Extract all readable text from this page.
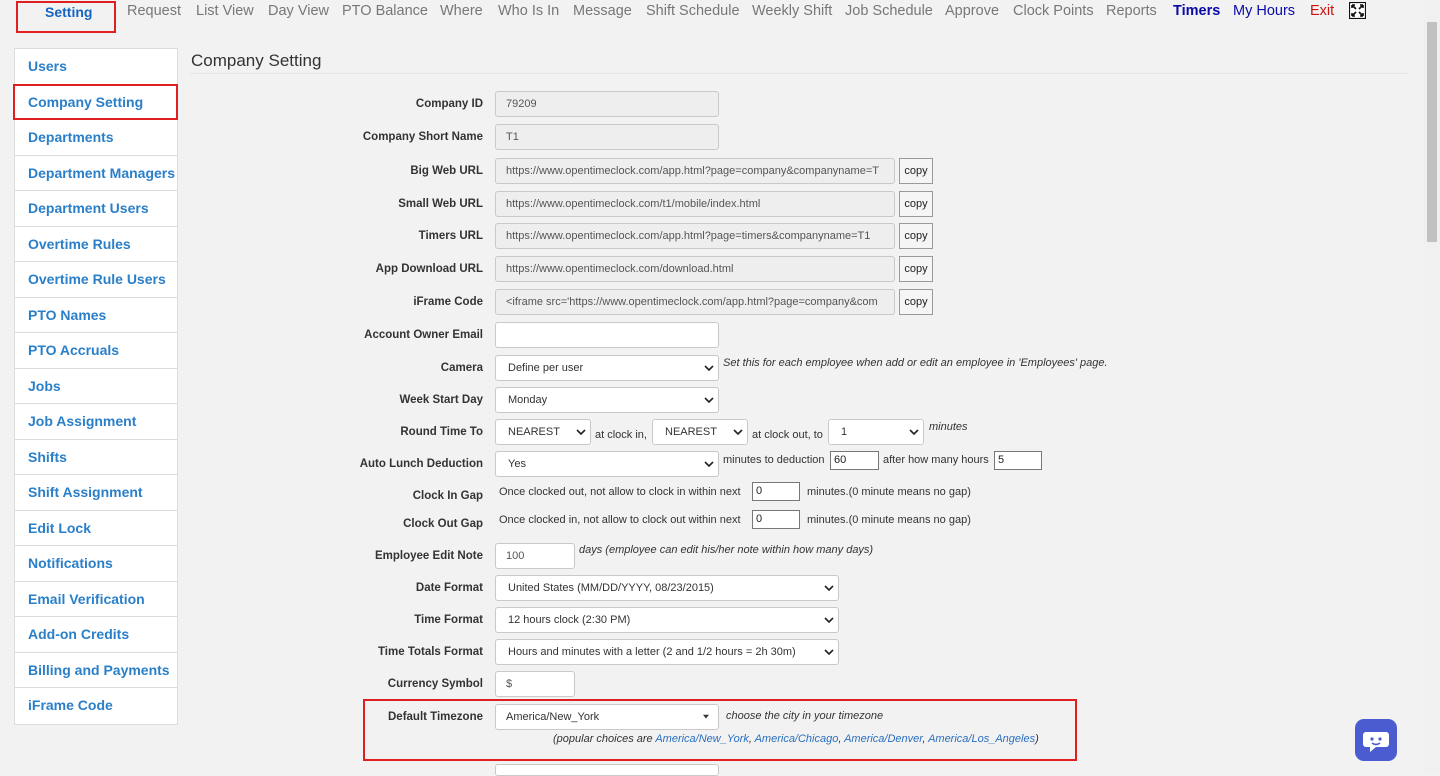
Setting Request List View Day View PTO Balance Where Who Is In Message Shift Schedule Weekly Shift Job Schedule Approve Clock Points Reports Timers My Hours Exit
Users
Company Setting
Departments
Department Managers
Department Users
Overtime Rules
Overtime Rule Users
PTO Names
PTO Accruals
Jobs
Job Assignment
Shifts
Shift Assignment
Edit Lock
Notifications
Email Verification
Add-on Credits
Billing and Payments
iFrame Code
Company Setting
Company ID	79209
Company Short Name	T1
Big Web URL	https://www.opentimeclock.com/app.html?page=company&companyname=T	copy
Small Web URL	https://www.opentimeclock.com/t1/mobile/index.html	copy
Timers URL	https://www.opentimeclock.com/app.html?page=timers&companyname=T1	copy
App Download URL	https://www.opentimeclock.com/download.html	copy
iFrame Code	<iframe src='https://www.opentimeclock.com/app.html?page=company&com	copy
Account Owner Email
Camera	Define per user	Set this for each employee when add or edit an employee in 'Employees' page.
Week Start Day	Monday
Round Time To	NEAREST	at clock in,	NEAREST	at clock out, to	1	minutes
Auto Lunch Deduction	Yes	minutes to deduction 60	after how many hours 5
Clock In Gap Once clocked out, not allow to clock in within next	0	minutes.(0 minute means no gap)
Clock Out Gap Once clocked in, not allow to clock out within next	0	minutes.(0 minute means no gap)
Employee Edit Note	100	days (employee can edit his/her note within how many days)
Date Format	United States (MM/DD/YYYY, 08/23/2015)
Time Format	12 hours clock (2:30 PM)
Time Totals Format	Hours and minutes with a letter (2 and 1/2 hours = 2h 30m)
Currency Symbol	$
Default Timezone	America/New_York	choose the city in your timezone
(popular choices are America/New_York, America/Chicago, America/Denver, America/Los_Angeles)
